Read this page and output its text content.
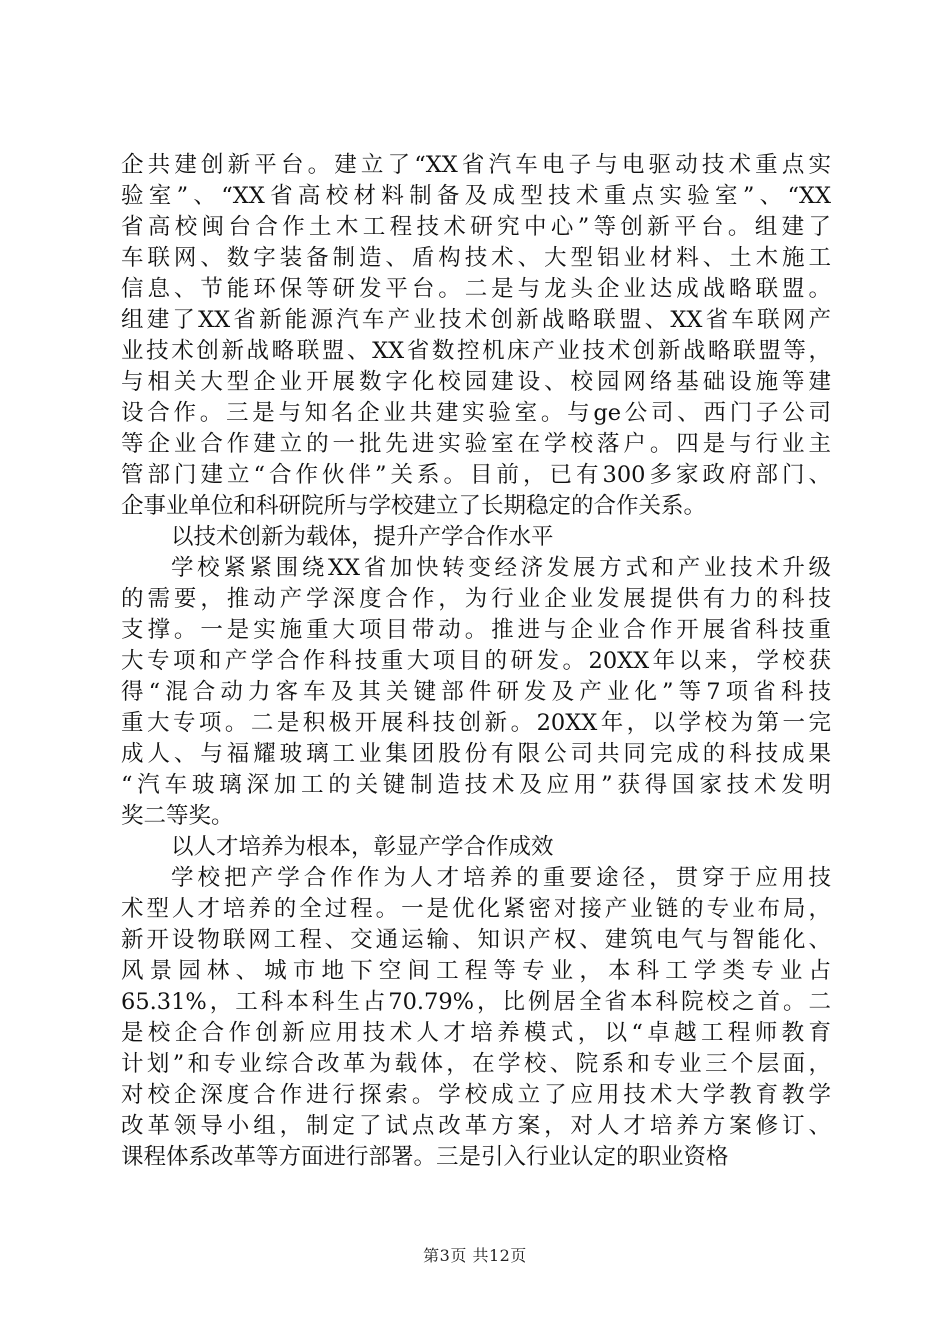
企共建创新平台。建立了“XX省汽车电子与电驱动技术重点实
验室”、“XX省高校材料制备及成型技术重点实验室”、“XX
省高校闽台合作土木工程技术研究中心”等创新平台。组建了
车联网、数字装备制造、盾构技术、大型铝业材料、土木施工
信息、节能环保等研发平台。二是与龙头企业达成战略联盟。
组建了XX省新能源汽车产业技术创新战略联盟、XX省车联网产
业技术创新战略联盟、XX省数控机床产业技术创新战略联盟等，
与相关大型企业开展数字化校园建设、校园网络基础设施等建
设合作。三是与知名企业共建实验室。与ge公司、西门子公司
等企业合作建立的一批先进实验室在学校落户。四是与行业主
管部门建立“合作伙伴”关系。目前，已有300多家政府部门、
企事业单位和科研院所与学校建立了长期稳定的合作关系。
以技术创新为载体，提升产学合作水平
学校紧紧围绕XX省加快转变经济发展方式和产业技术升级
的需要，推动产学深度合作，为行业企业发展提供有力的科技
支撑。一是实施重大项目带动。推进与企业合作开展省科技重
大专项和产学合作科技重大项目的研发。20XX年以来，学校获
得“混合动力客车及其关键部件研发及产业化”等7项省科技
重大专项。二是积极开展科技创新。20XX年，以学校为第一完
成人、与福耀玻璃工业集团股份有限公司共同完成的科技成果
“汽车玻璃深加工的关键制造技术及应用”获得国家技术发明
奖二等奖。
以人才培养为根本，彰显产学合作成效
学校把产学合作作为人才培养的重要途径，贯穿于应用技
术型人才培养的全过程。一是优化紧密对接产业链的专业布局，
新开设物联网工程、交通运输、知识产权、建筑电气与智能化、
风景园林、城市地下空间工程等专业，本科工学类专业占
65.31%，工科本科生占70.79%，比例居全省本科院校之首。二
是校企合作创新应用技术人才培养模式，以“卓越工程师教育
计划”和专业综合改革为载体，在学校、院系和专业三个层面，
对校企深度合作进行探索。学校成立了应用技术大学教育教学
改革领导小组，制定了试点改革方案，对人才培养方案修订、
课程体系改革等方面进行部署。三是引入行业认定的职业资格
第3页 共12页
